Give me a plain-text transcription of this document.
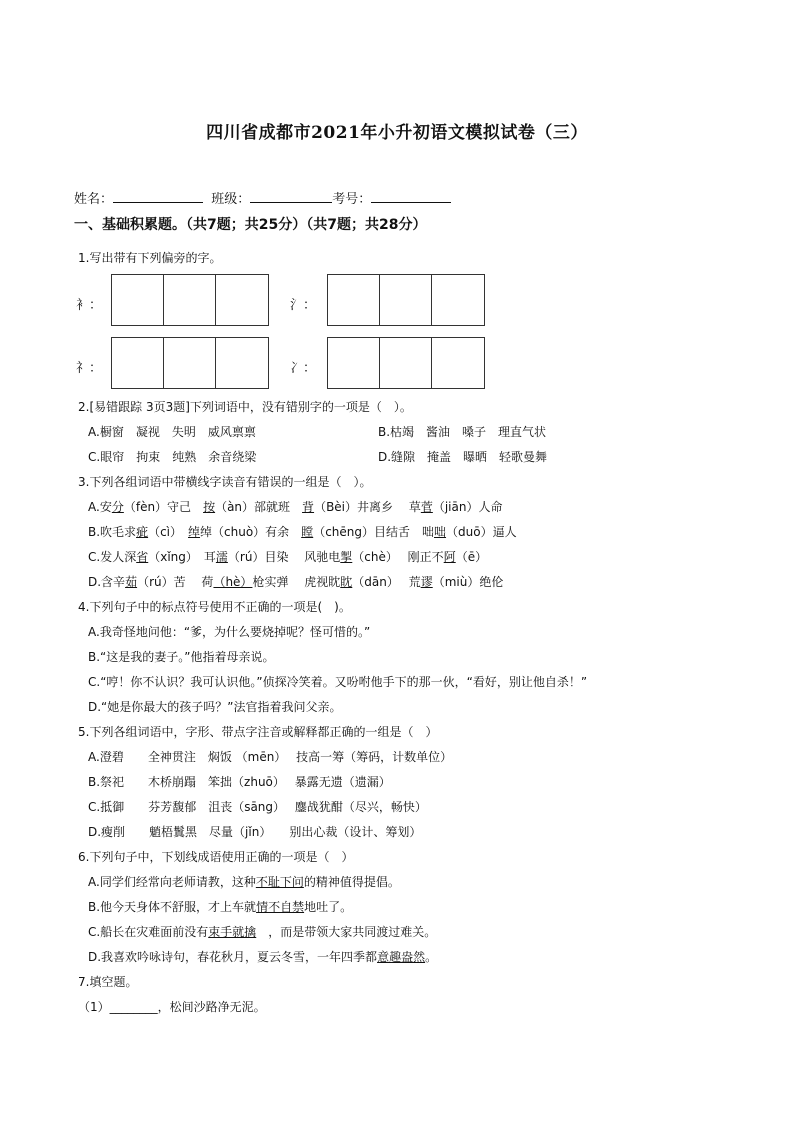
四川省成都市2021年小升初语文模拟试卷（三）
姓名：	班级：	考号：
一、基础积累题。（共7题；共25分）（共7题；共28分）
1.写出带有下列偏旁的字。
衤：	氵：
礻：	冫：
2.[易错跟踪 3页3题]下列词语中，没有错别字的一项是（　）。
A.橱窗　凝视　失明　威风禀禀	B.枯竭　酱油　嗓子　理直气状
C.眼帘　拘束　纯熟　余音绕梁	D.缝隙　掩盖　曝晒　轻歌曼舞
3.下列各组词语中带横线字读音有错误的一组是（　）。
A.安分（fèn）守己　按（àn）部就班　背（Bèi）井离乡　 草菅（jiān）人命
B.吹毛求疵（cì）　绰绰（chuò）有余　瞠（chēng）目结舌　咄咄（duō）逼人
C.发人深省（xǐng）　耳濡（rú）目染　 风驰电掣（chè）　 刚正不阿（ē）
D.含辛茹（rú）苦　 荷（hè）枪实弹　 虎视眈眈（dān）　 荒谬（miù）绝伦
4.下列句子中的标点符号使用不正确的一项是(　)。
A.我奇怪地问他：“爹，为什么要烧掉呢？怪可惜的。”
B.“这是我的妻子。”他指着母亲说。
C.“哼！你不认识？我可认识他。”侦探冷笑着。又吩咐他手下的那一伙，“看好，别让他自杀！”
D.“她是你最大的孩子吗？”法官指着我问父亲。
5.下列各组词语中，字形、带点字注音或解释都正确的一组是（　）
A.澄碧　　全神贯注　焖饭 （mēn）　 技高一筹（筹码，计数单位）
B.祭祀　　木桥崩蹋　笨拙（zhuō）　 暴露无遗（遗漏）
C.抵御　　芬芳馥郁　沮丧（sāng）　 鏖战犹酣（尽兴，畅快）
D.瘦削　　魈梧鬒黑　尽量（jǐn）　　别出心裁（设计、筹划）
6.下列句子中，下划线成语使用正确的一项是（　）
A.同学们经常向老师请教，这种不耻下问的精神值得提倡。
B.他今天身体不舒服，才上车就情不自禁地吐了。
C.船长在灾难面前没有束手就擒　，而是带领大家共同渡过难关。
D.我喜欢吟咏诗句，春花秋月，夏云冬雪，一年四季都意趣盎然。
7.填空题。
（1）________，松间沙路净无泥。
